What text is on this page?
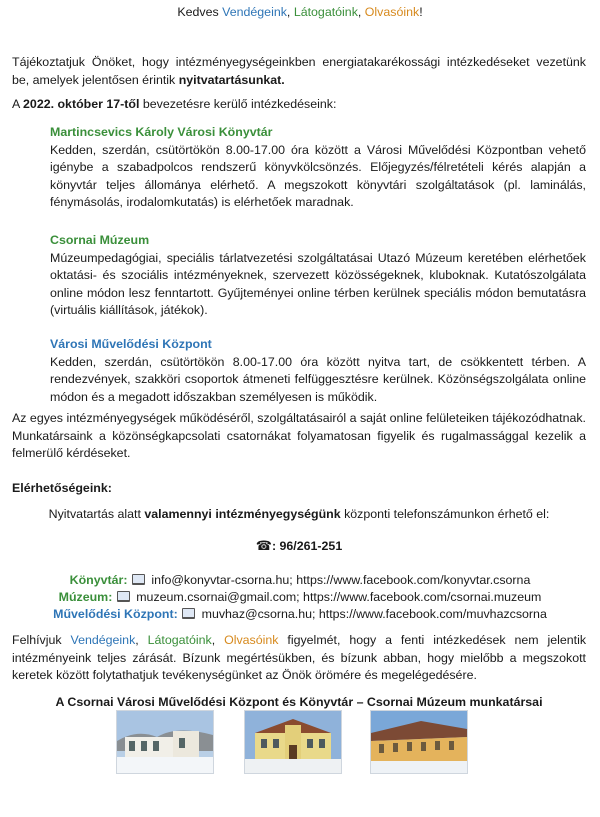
Kedves Vendégeink, Látogatóink, Olvasóink!

Tájékoztatjuk Önöket, hogy intézményegységeinkben energiatakarékossági intézkedéseket vezetünk be, amelyek jelentősen érintik nyitvatartásunkat.

A 2022. október 17-től bevezetésre kerülő intézkedéseink:

Martincsevics Károly Városi Könyvtár
Kedden, szerdán, csütörtökön 8.00-17.00 óra között a Városi Művelődési Központban vehető igénybe a szabadpolcos rendszerű könyvkölcsönzés. Előjegyzés/félretételi kérés alapján a könyvtár teljes állománya elérhető. A megszokott könyvtári szolgáltatások (pl. laminálás, fénymásolás, irodalomkutatás) is elérhetőek maradnak.

Csornai Múzeum
Múzeumpedagógiai, speciális tárlatvezetési szolgáltatásai Utazó Múzeum keretében elérhetőek oktatási- és szociális intézményeknek, szervezett közösségeknek, kluboknak. Kutatószolgálata online módon lesz fenntartott. Gyűjteményei online térben kerülnek speciális módon bemutatásra (virtuális kiállítások, játékok).

Városi Művelődési Központ
Kedden, szerdán, csütörtökön 8.00-17.00 óra között nyitva tart, de csökkentett térben. A rendezvények, szakköri csoportok átmeneti felfüggesztésre kerülnek. Közönségszolgálata online módon és a megadott időszakban személyesen is működik.

Az egyes intézményegységek működéséről, szolgáltatásairól a saját online felületeiken tájékozódhatnak. Munkatársaink a közönségkapcsolati csatornákat folyamatosan figyelik és rugalmassággal kezelik a felmerülő kérdéseket.

Elérhetőségeink:

Nyitvatartás alatt valamennyi intézményegységünk központi telefonszámunkon érhető el:

☎: 96/261-251

Könyvtár:  info@konyvtar-csorna.hu; https://www.facebook.com/konyvtar.csorna
Múzeum:  muzeum.csornai@gmail.com; https://www.facebook.com/csornai.muzeum
Művelődési Központ:  muvhaz@csorna.hu; https://www.facebook.com/muvhazcsorna

Felhívjuk Vendégeink, Látogatóink, Olvasóink figyelmét, hogy a fenti intézkedések nem jelentik intézményeink teljes zárását. Bízunk megértésükben, és bízunk abban, hogy mielőbb a megszokott keretek között folytathatjuk tevékenységünket az Önök örömére és megelégedésére.

A Csornai Városi Művelődési Központ és Könyvtár – Csornai Múzeum munkatársai
